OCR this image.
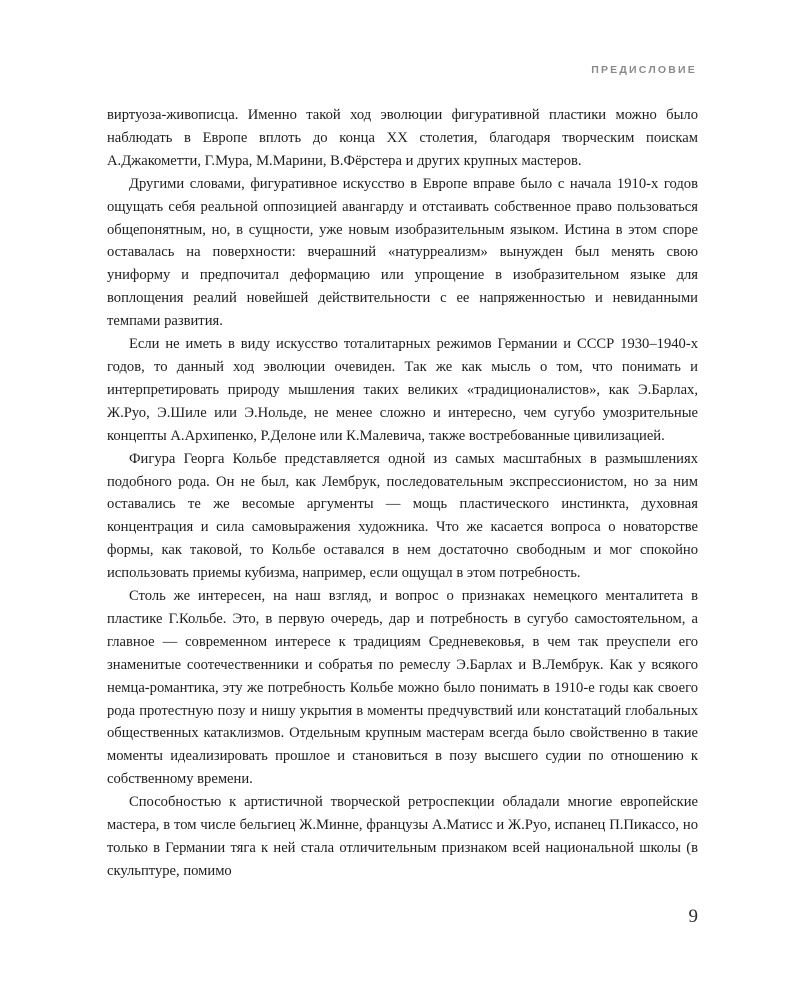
ПРЕДИСЛОВИЕ

виртуоза-живописца. Именно такой ход эволюции фигуративной пластики можно было наблюдать в Европе вплоть до конца XX столетия, благодаря творческим поискам А.Джакометти, Г.Мура, М.Марини, В.Фёрстера и других крупных мастеров.

Другими словами, фигуративное искусство в Европе вправе было с начала 1910-х годов ощущать себя реальной оппозицией авангарду и отстаивать собственное право пользоваться общепонятным, но, в сущности, уже новым изобразительным языком. Истина в этом споре оставалась на поверхности: вчерашний «натурреализм» вынужден был менять свою униформу и предпочитал деформацию или упрощение в изобразительном языке для воплощения реалий новейшей действительности с ее напряженностью и невиданными темпами развития.

Если не иметь в виду искусство тоталитарных режимов Германии и СССР 1930–1940-х годов, то данный ход эволюции очевиден. Так же как мысль о том, что понимать и интерпретировать природу мышления таких великих «традиционалистов», как Э.Барлах, Ж.Руо, Э.Шиле или Э.Нольде, не менее сложно и интересно, чем сугубо умозрительные концепты А.Архипенко, Р.Делоне или К.Малевича, также востребованные цивилизацией.

Фигура Георга Кольбе представляется одной из самых масштабных в размышлениях подобного рода. Он не был, как Лембрук, последовательным экспрессионистом, но за ним оставались те же весомые аргументы — мощь пластического инстинкта, духовная концентрация и сила самовыражения художника. Что же касается вопроса о новаторстве формы, как таковой, то Кольбе оставался в нем достаточно свободным и мог спокойно использовать приемы кубизма, например, если ощущал в этом потребность.

Столь же интересен, на наш взгляд, и вопрос о признаках немецкого менталитета в пластике Г.Кольбе. Это, в первую очередь, дар и потребность в сугубо самостоятельном, а главное — современном интересе к традициям Средневековья, в чем так преуспели его знаменитые соотечественники и собратья по ремеслу Э.Барлах и В.Лембрук. Как у всякого немца-романтика, эту же потребность Кольбе можно было понимать в 1910-е годы как своего рода протестную позу и нишу укрытия в моменты предчувствий или констатаций глобальных общественных катаклизмов. Отдельным крупным мастерам всегда было свойственно в такие моменты идеализировать прошлое и становиться в позу высшего судии по отношению к собственному времени.

Способностью к артистичной творческой ретроспекции обладали многие европейские мастера, в том числе бельгиец Ж.Минне, французы А.Матисс и Ж.Руо, испанец П.Пикассо, но только в Германии тяга к ней стала отличительным признаком всей национальной школы (в скульптуре, помимо

9
